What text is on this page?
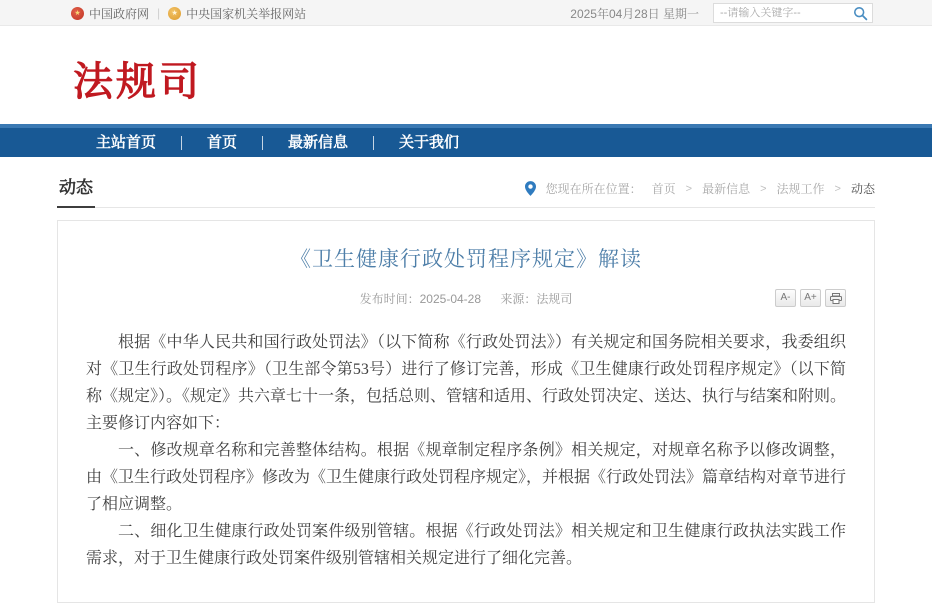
★
中国政府网 | ★ 中央国家机关举报网站	2025年04月28日 星期一
--请输入关键字--
法规司
主站首页	首页	最新信息	关于我们
动态	您现在所在位置： 首页 > 最新信息 > 法规工作 > 动态
《卫生健康行政处罚程序规定》解读
发布时间：2025-04-28 来源：法规司	A-	A+

根据《中华人民共和国行政处罚法》（以下简称《行政处罚法》）有关规定和国务院相关要求，我委组织对《卫生行政处罚程序》（卫生部令第53号）进行了修订完善，形成《卫生健康行政处罚程序规定》（以下简称《规定》）。《规定》共六章七十一条，包括总则、管辖和适用、行政处罚决定、送达、执行与结案和附则。主要修订内容如下：

一、修改规章名称和完善整体结构。根据《规章制定程序条例》相关规定，对规章名称予以修改调整，由《卫生行政处罚程序》修改为《卫生健康行政处罚程序规定》，并根据《行政处罚法》篇章结构对章节进行了相应调整。

二、细化卫生健康行政处罚案件级别管辖。根据《行政处罚法》相关规定和卫生健康行政执法实践工作需求，对于卫生健康行政处罚案件级别管辖相关规定进行了细化完善。
